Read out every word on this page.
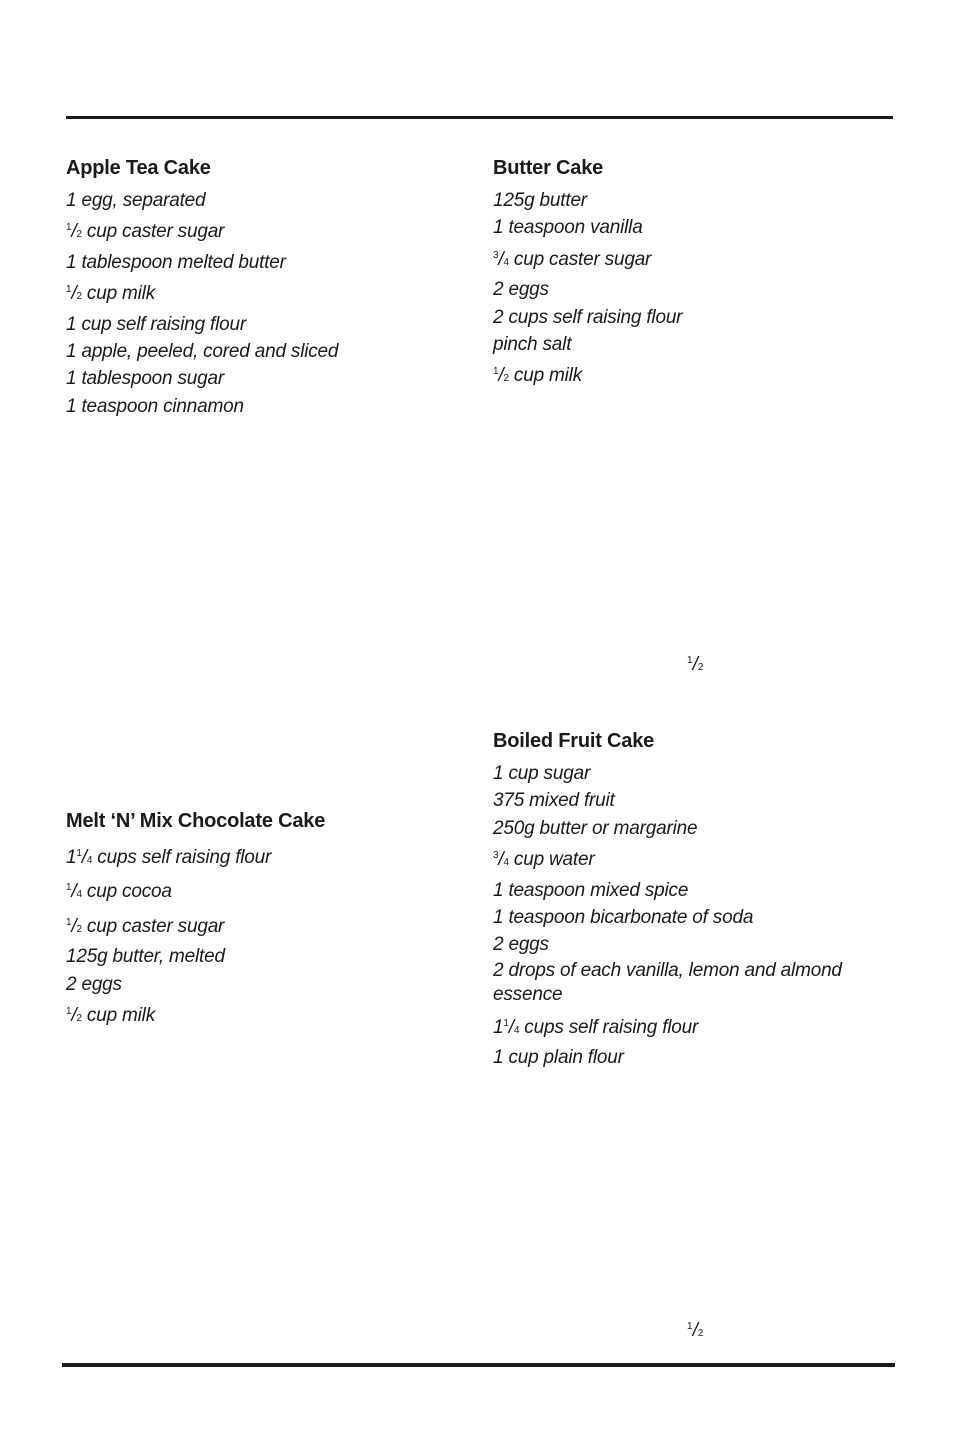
Apple Tea Cake
1 egg, separated
$^1$/2 cup caster sugar
1 tablespoon melted butter
$^1$/2 cup milk
1 cup self raising flour
1 apple, peeled, cored and sliced
1 tablespoon sugar
1 teaspoon cinnamon
Butter Cake
125g butter
1 teaspoon vanilla
$^3$/4 cup caster sugar
2 eggs
2 cups self raising flour
pinch salt
$^1$/2 cup milk
$^1$/2
Boiled Fruit Cake
1 cup sugar
375 mixed fruit
250g butter or margarine
$^3$/4 cup water
1 teaspoon mixed spice
1 teaspoon bicarbonate of soda
2 eggs
2 drops of each vanilla, lemon and almond essence
$1^1/4$ cups self raising flour
1 cup plain flour
Melt ‘N’ Mix Chocolate Cake
$1^1/4$ cups self raising flour
$^1$/4 cup cocoa
$^1$/2 cup caster sugar
125g butter, melted
2 eggs
$^1$/2 cup milk
$^1$/2
